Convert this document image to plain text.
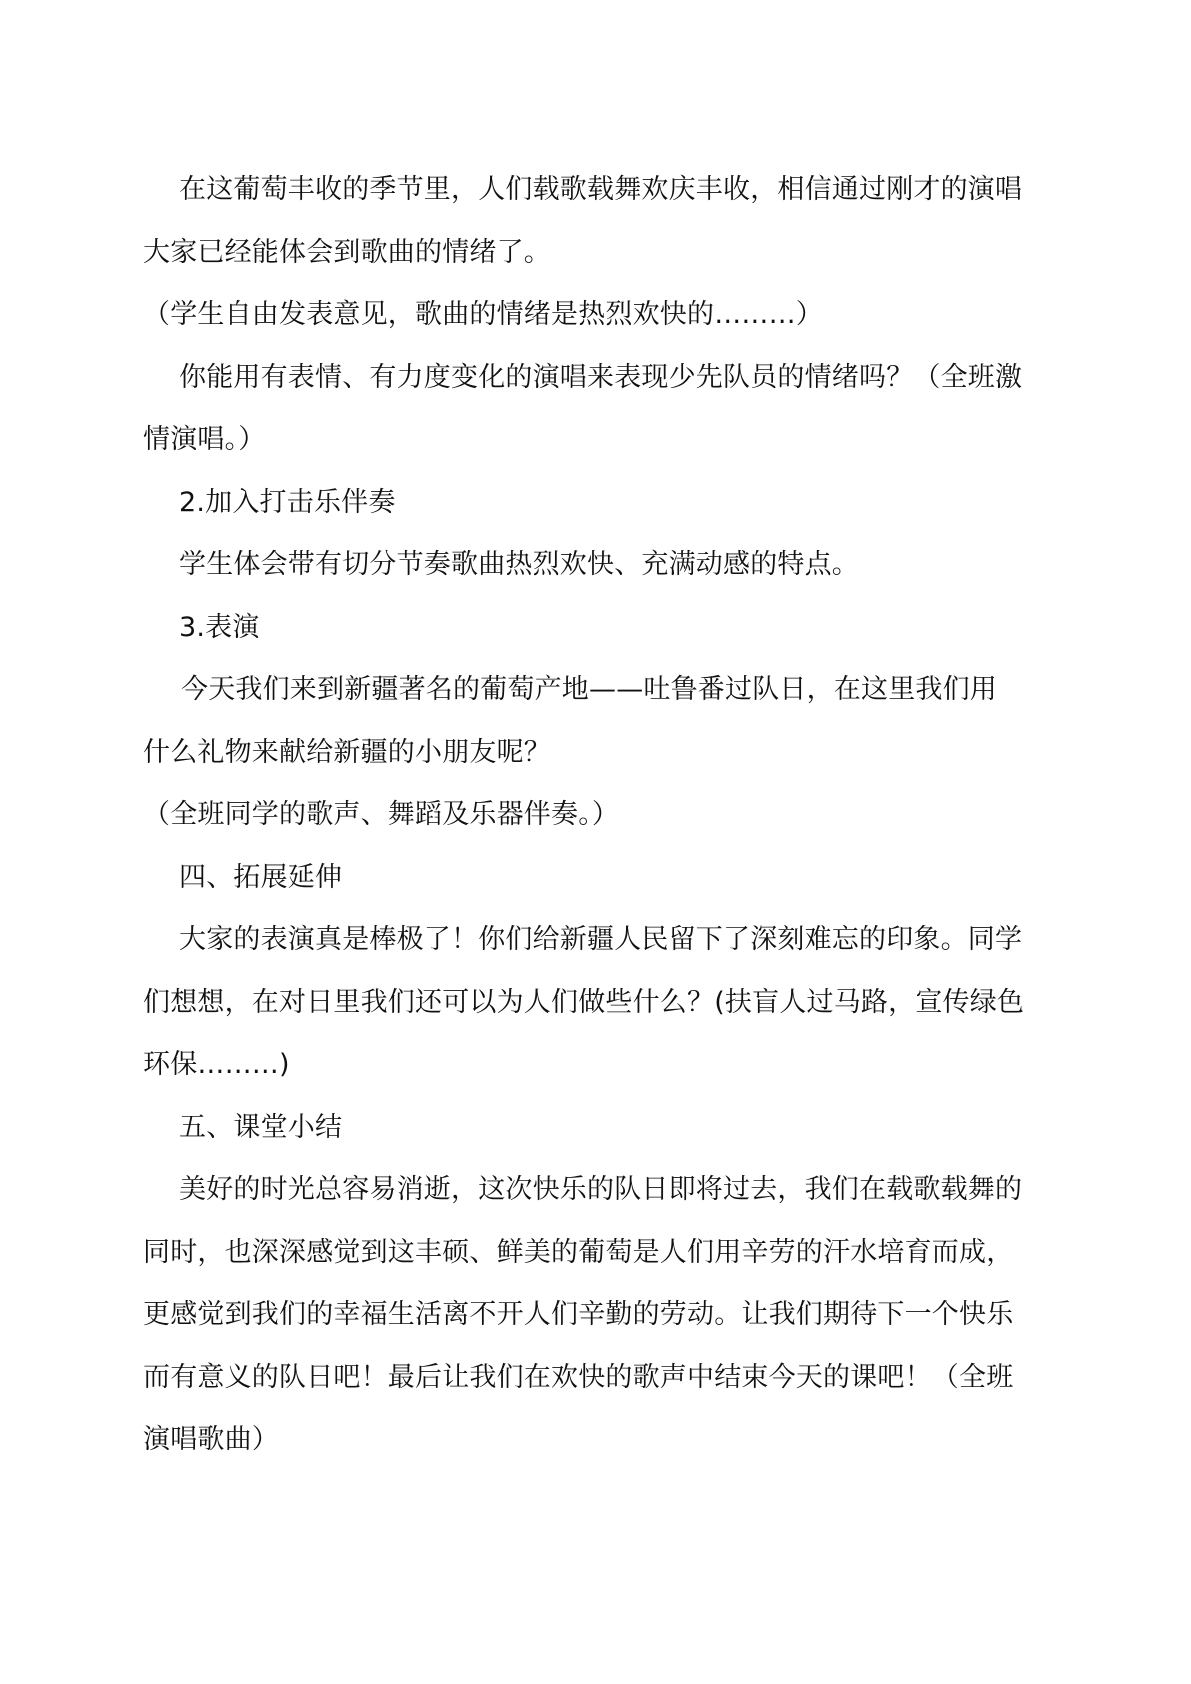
在这葡萄丰收的季节里，人们载歌载舞欢庆丰收，相信通过刚才的演唱

大家已经能体会到歌曲的情绪了。

（学生自由发表意见，歌曲的情绪是热烈欢快的………）

你能用有表情、有力度变化的演唱来表现少先队员的情绪吗？（全班激

情演唱。）

2.加入打击乐伴奏

学生体会带有切分节奏歌曲热烈欢快、充满动感的特点。

3.表演

今天我们来到新疆著名的葡萄产地——吐鲁番过队日，在这里我们用

什么礼物来献给新疆的小朋友呢？

（全班同学的歌声、舞蹈及乐器伴奏。）

四、拓展延伸

大家的表演真是棒极了！你们给新疆人民留下了深刻难忘的印象。同学

们想想，在对日里我们还可以为人们做些什么？(扶盲人过马路，宣传绿色

环保………)

五、课堂小结

美好的时光总容易消逝，这次快乐的队日即将过去，我们在载歌载舞的

同时，也深深感觉到这丰硕、鲜美的葡萄是人们用辛劳的汗水培育而成，

更感觉到我们的幸福生活离不开人们辛勤的劳动。让我们期待下一个快乐

而有意义的队日吧！最后让我们在欢快的歌声中结束今天的课吧！（全班

演唱歌曲）
